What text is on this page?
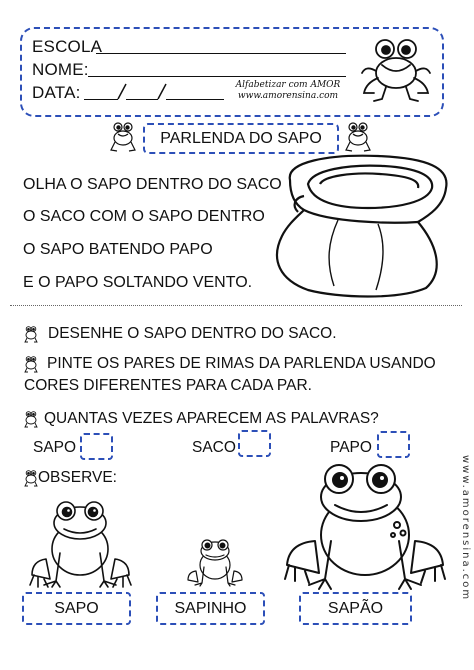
ESCOLA
NOME:
DATA:	Alfabetizar com AMOR
www.amorensina.com
PARLENDA DO SAPO
OLHA O SAPO DENTRO DO SACO
O SACO COM O SAPO DENTRO
O SAPO BATENDO PAPO
E O PAPO SOLTANDO VENTO.
DESENHE O SAPO DENTRO DO SACO.
PINTE OS PARES DE RIMAS DA PARLENDA USANDO
CORES DIFERENTES PARA CADA PAR.
QUANTAS VEZES APARECEM AS PALAVRAS?
SAPO	SACO	PAPO
OBSERVE:
SAPO	SAPINHO	SAPÃO
www.amorensina.com
